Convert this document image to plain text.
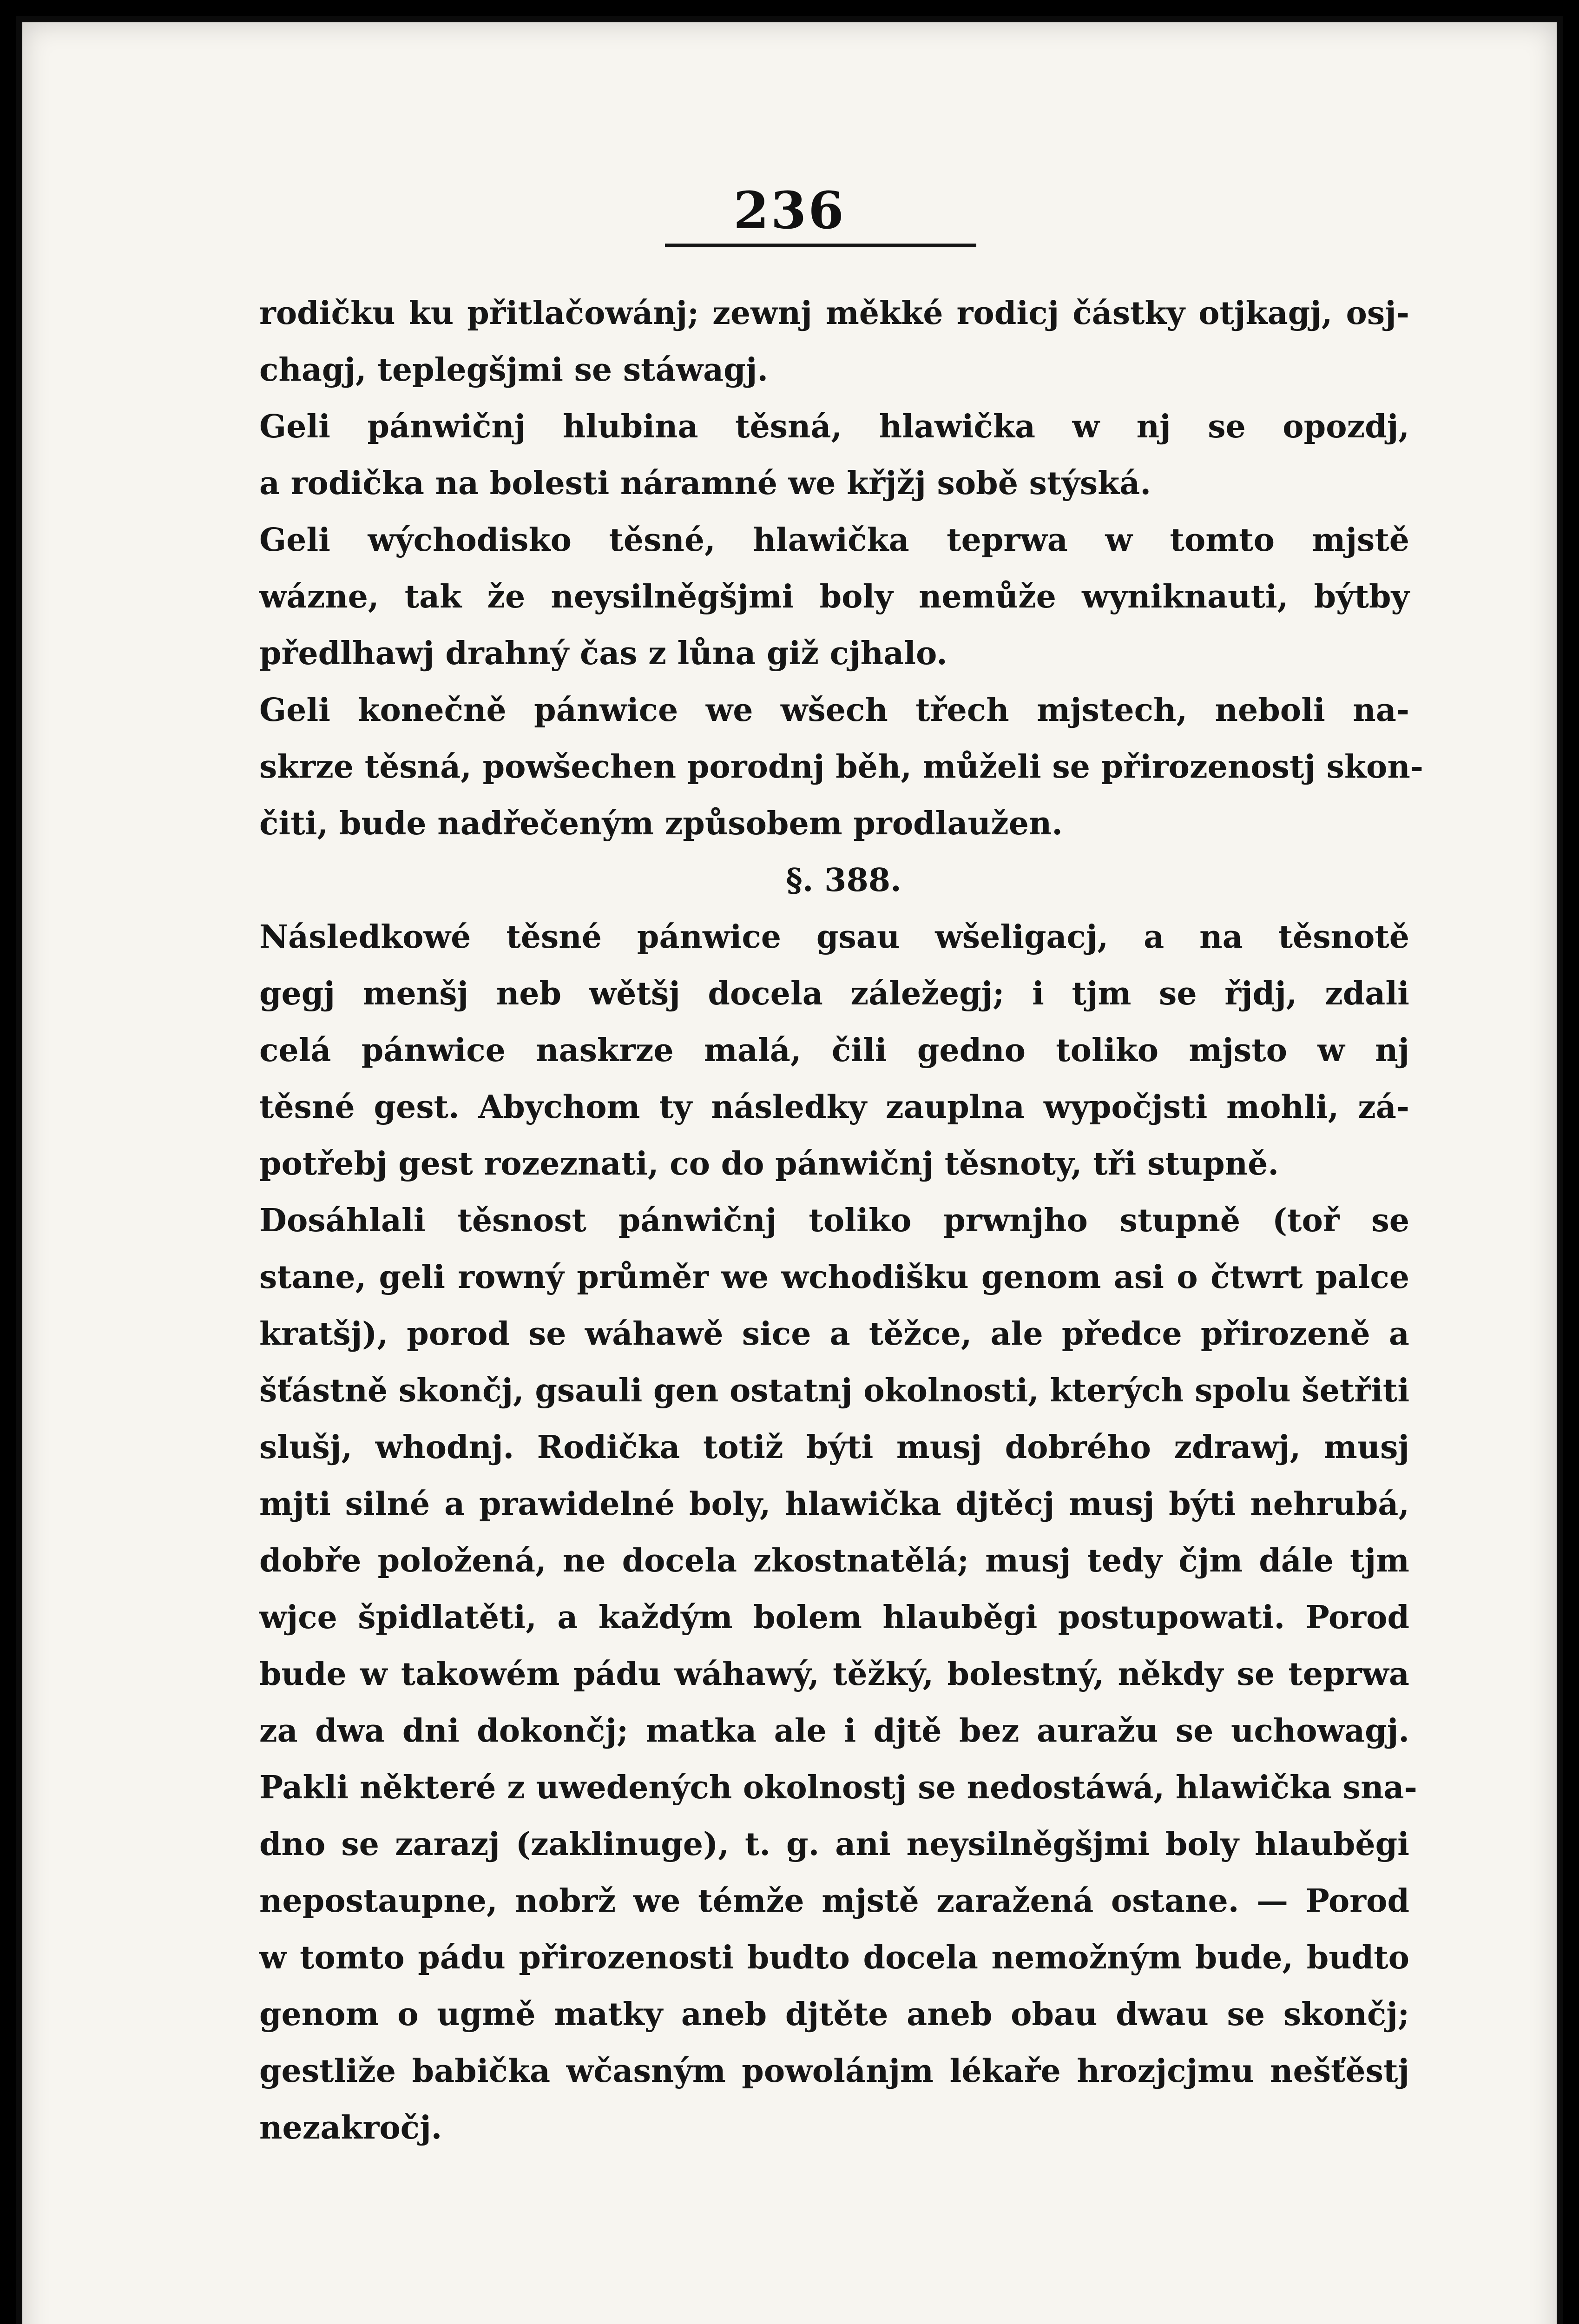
236
rodičku ku přitlačowánj; zewnj měkké rodicj částky otjkagj, osj-
chagj, teplegšjmi se stáwagj.
Geli pánwičnj hlubina těsná, hlawička w nj se opozdj,
a rodička na bolesti náramné we křjžj sobě stýská.
Geli wýchodisko těsné, hlawička teprwa w tomto mjstě
wázne, tak že neysilněgšjmi boly nemůže wyniknauti, býtby
předlhawj drahný čas z lůna giž cjhalo.
Geli konečně pánwice we wšech třech mjstech, neboli na-
skrze těsná, powšechen porodnj běh, můželi se přirozenostj skon-
čiti, bude nadřečeným způsobem prodlaužen.
§. 388.
Následkowé těsné pánwice gsau wšeligacj, a na těsnotě
gegj menšj neb wětšj docela záležegj; i tjm se řjdj, zdali
celá pánwice naskrze malá, čili gedno toliko mjsto w nj
těsné gest. Abychom ty následky zauplna wypočjsti mohli, zá-
potřebj gest rozeznati, co do pánwičnj těsnoty, tři stupně.
Dosáhlali těsnost pánwičnj toliko prwnjho stupně (toř se
stane, geli rowný průměr we wchodišku genom asi o čtwrt palce
kratšj), porod se wáhawě sice a těžce, ale předce přirozeně a
šťástně skončj, gsauli gen ostatnj okolnosti, kterých spolu šetřiti
slušj, whodnj. Rodička totiž býti musj dobrého zdrawj, musj
mjti silné a prawidelné boly, hlawička djtěcj musj býti nehrubá,
dobře položená, ne docela zkostnatělá; musj tedy čjm dále tjm
wjce špidlatěti, a každým bolem hlauběgi postupowati. Porod
bude w takowém pádu wáhawý, těžký, bolestný, někdy se teprwa
za dwa dni dokončj; matka ale i djtě bez auražu se uchowagj.
Pakli některé z uwedených okolnostj se nedostáwá, hlawička sna-
dno se zarazj (zaklinuge), t. g. ani neysilněgšjmi boly hlauběgi
nepostaupne, nobrž we témže mjstě zaražená ostane. — Porod
w tomto pádu přirozenosti budto docela nemožným bude, budto
genom o ugmě matky aneb djtěte aneb obau dwau se skončj;
gestliže babička wčasným powolánjm lékaře hrozjcjmu nešťěstj
nezakročj.
